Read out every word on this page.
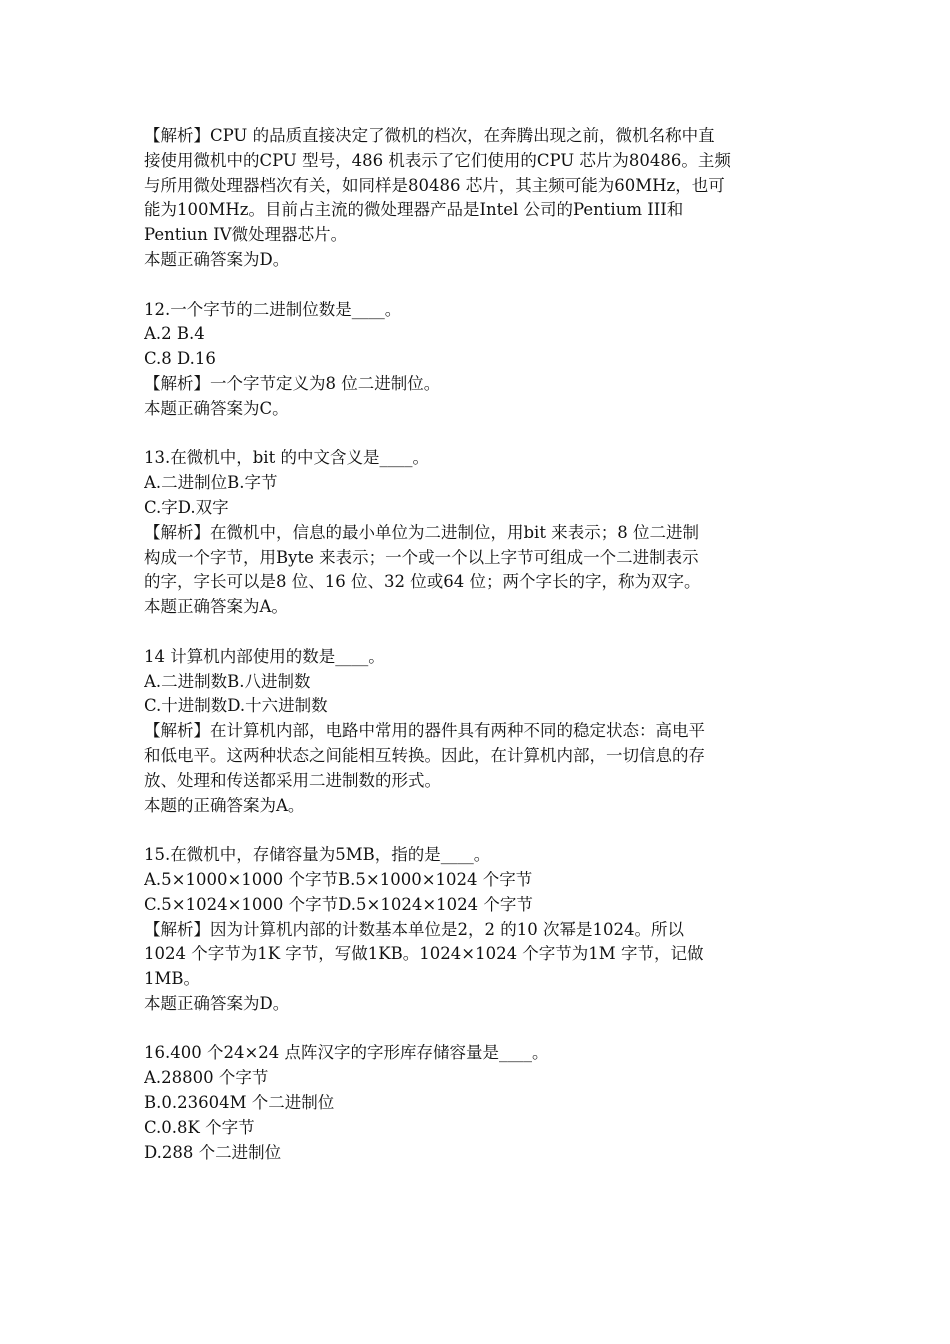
【解析】CPU 的品质直接决定了微机的档次，在奔腾出现之前，微机名称中直
接使用微机中的CPU 型号，486 机表示了它们使用的CPU 芯片为80486。主频
与所用微处理器档次有关，如同样是80486 芯片，其主频可能为60MHz，也可
能为100MHz。目前占主流的微处理器产品是Intel 公司的Pentium III和
Pentiun IV微处理器芯片。
本题正确答案为D。
12.一个字节的二进制位数是____。
A.2 B.4
C.8 D.16
【解析】一个字节定义为8 位二进制位。
本题正确答案为C。
13.在微机中，bit 的中文含义是____。
A.二进制位B.字节
C.字D.双字
【解析】在微机中，信息的最小单位为二进制位，用bit 来表示；8 位二进制
构成一个字节，用Byte 来表示；一个或一个以上字节可组成一个二进制表示
的字，字长可以是8 位、16 位、32 位或64 位；两个字长的字，称为双字。
本题正确答案为A。
14 计算机内部使用的数是____。
A.二进制数B.八进制数
C.十进制数D.十六进制数
【解析】在计算机内部，电路中常用的器件具有两种不同的稳定状态：高电平
和低电平。这两种状态之间能相互转换。因此，在计算机内部，一切信息的存
放、处理和传送都采用二进制数的形式。
本题的正确答案为A。
15.在微机中，存储容量为5MB，指的是____。
A.5×1000×1000 个字节B.5×1000×1024 个字节
C.5×1024×1000 个字节D.5×1024×1024 个字节
【解析】因为计算机内部的计数基本单位是2，2 的10 次幂是1024。所以
1024 个字节为1K 字节，写做1KB。1024×1024 个字节为1M 字节，记做
1MB。
本题正确答案为D。
16.400 个24×24 点阵汉字的字形库存储容量是____。
A.28800 个字节
B.0.23604M 个二进制位
C.0.8K 个字节
D.288 个二进制位
